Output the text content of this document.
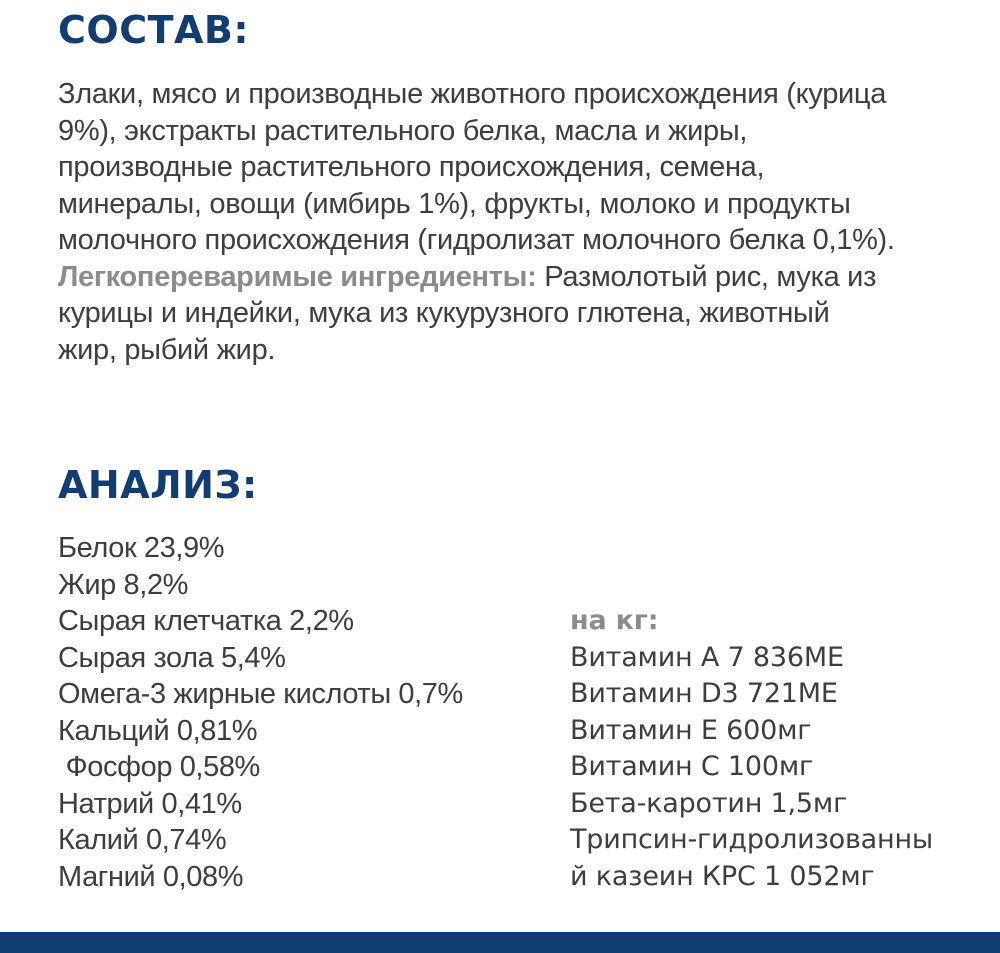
СОСТАВ:
Злаки, мясо и производные животного происхождения (курица
9%), экстракты растительного белка, масла и жиры,
производные растительного происхождения, семена,
минералы, овощи (имбирь 1%), фрукты, молоко и продукты
молочного происхождения (гидролизат молочного белка 0,1%).
Легкопереваримые ингредиенты: Размолотый рис, мука из
курицы и индейки, мука из кукурузного глютена, животный
жир, рыбий жир.
АНАЛИЗ:
Белок 23,9%
Жир 8,2%
Сырая клетчатка 2,2%
Сырая зола 5,4%
Омега-3 жирные кислоты 0,7%
Кальций 0,81%
Фосфор 0,58%
Натрий 0,41%
Калий 0,74%
Магний 0,08%
на кг:
Витамин А 7 836МЕ
Витамин D3 721МЕ
Витамин Е 600мг
Витамин С 100мг
Бета-каротин 1,5мг
Трипсин-гидролизованны
й казеин КРС 1 052мг
